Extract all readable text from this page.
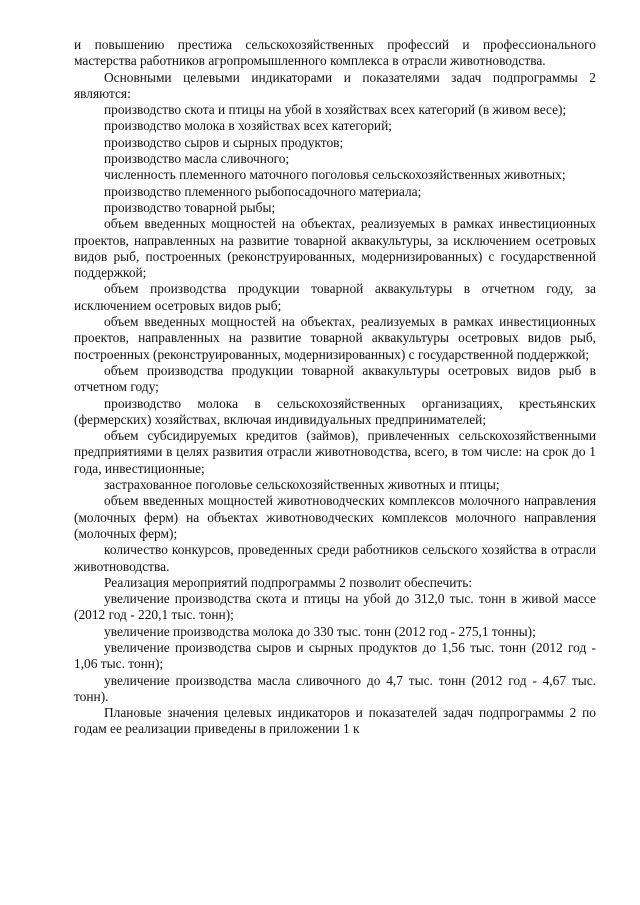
и повышению престижа сельскохозяйственных профессий и профессионального мастерства работников агропромышленного комплекса в отрасли животноводства.

Основными целевыми индикаторами и показателями задач подпрограммы 2 являются:

производство скота и птицы на убой в хозяйствах всех категорий (в живом весе);

производство молока в хозяйствах всех категорий;

производство сыров и сырных продуктов;

производство масла сливочного;

численность племенного маточного поголовья сельскохозяйственных животных;

производство племенного рыбопосадочного материала;

производство товарной рыбы;

объем введенных мощностей на объектах, реализуемых в рамках инвестиционных проектов, направленных на развитие товарной аквакультуры, за исключением осетровых видов рыб, построенных (реконструированных, модернизированных) с государственной поддержкой;

объем производства продукции товарной аквакультуры в отчетном году, за исключением осетровых видов рыб;

объем введенных мощностей на объектах, реализуемых в рамках инвестиционных проектов, направленных на развитие товарной аквакультуры осетровых видов рыб, построенных (реконструированных, модернизированных) с государственной поддержкой;

объем производства продукции товарной аквакультуры осетровых видов рыб в отчетном году;

производство молока в сельскохозяйственных организациях, крестьянских (фермерских) хозяйствах, включая индивидуальных предпринимателей;

объем субсидируемых кредитов (займов), привлеченных сельскохозяйственными предприятиями в целях развития отрасли животноводства, всего, в том числе: на срок до 1 года, инвестиционные;

застрахованное поголовье сельскохозяйственных животных и птицы;

объем введенных мощностей животноводческих комплексов молочного направления (молочных ферм) на объектах животноводческих комплексов молочного направления (молочных ферм);

количество конкурсов, проведенных среди работников сельского хозяйства в отрасли животноводства.

Реализация мероприятий подпрограммы 2 позволит обеспечить:

увеличение производства скота и птицы на убой до 312,0 тыс. тонн в живой массе (2012 год - 220,1 тыс. тонн);

увеличение производства молока до 330 тыс. тонн (2012 год - 275,1 тонны);

увеличение производства сыров и сырных продуктов до 1,56 тыс. тонн (2012 год - 1,06 тыс. тонн);

увеличение производства масла сливочного до 4,7 тыс. тонн (2012 год - 4,67 тыс. тонн).

Плановые значения целевых индикаторов и показателей задач подпрограммы 2 по годам ее реализации приведены в приложении 1 к
